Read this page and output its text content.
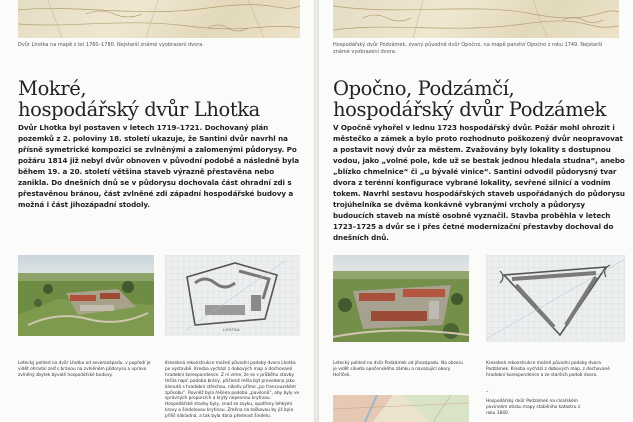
Dvůr Lhotka na mapě z let 1760–1780. Nejstarší známé vyobrazení dvora.
Mokré,
hospodářský dvůr Lhotka

Dvůr Lhotka byl postaven v letech 1719–1721. Dochovaný plán pozemků z 2. poloviny 18. století ukazuje, že Santini dvůr navrhl na přísně symetrické kompozici se zvlněnými a zalomenými půdorysy. Po požáru 1814 již nebyl dvůr obnoven v původní podobě a následně byla během 19. a 20. století většina staveb výrazně přestavěna nebo zanikla. Do dnešních dnů se v půdorysu dochovala část ohradní zdi s přestavěnou bránou, část zvlněné zdi západní hospodářské budovy a možná i část jihozápadní stodoly.

LHOTKA

Letecký pohled na dvůr Lhotka od severozápadu, v popředí je vidět ohradní zeď s bránou na zvlněném půdorysu a vpravo zvlněný zbytek bývalé hospodářské budovy.

Kresebná rekonstrukce možné původní podoby dvora Lhotka po výstavbě. Kresba vychází z dobových map a dochované hradební korespondence. Z ní víme, že se v průběhu stavby řešila např. podoba brány, přičemž měla být provedena jako klenutá s hradební střechou, nikoliv přímo „po francouzském způsobu“. Rovněž byla řešena podoba „pavilonů“, aby byly ve správných proporcích a krytý nepevnou krytinou. Hospodářské stavby byly, snad ze zvyku, opatřeny lehkými krovy a šindelovou krytinou. Změna na taškovou by již byla příliš nákladná, a tak byla dána přednost šindelu.

Hospodářský dvůr Podzámek, zvaný původně dvůr Opočno, na mapě panství Opočno z roku 1749. Nejstarší známé vyobrazení dvora.
Opočno, Podzámčí,
hospodářský dvůr Podzámek

V Opočně vyhořel v lednu 1723 hospodářský dvůr. Požár mohl ohrozit i městečko a zámek a bylo proto rozhodnuto poškozený dvůr neopravovat a postavit nový dvůr za městem. Zvažovány byly lokality s dostupnou vodou, jako „volné pole, kde už se bestak jednou hledala studna“, anebo „blízko chmelnice“ či „u bývalé vinice“. Santini odvodil půdorysný tvar dvora z terénní konfigurace vybrané lokality, sevřené silnicí a vodním tokem. Navrhl sestavu hospodářských staveb uspořádaných do půdorysu trojúhelníka se dvěma konkávně vybranými vrcholy a půdorysy budoucích staveb na místě osobně vyznačil. Stavba proběhla v letech 1723–1725 a dvůr se i přes četné modernizační přestavby dochoval do dnešních dnů.

Letecký pohled na dvůr Podzámek od jihozápadu. Na obzoru je vidět silueta opočenského zámku a navazující obory Hořiček.

Kresebná rekonstrukce možné původní podoby dvora Podzámek. Kresba vychází z dobových map, z dochované hradební korespondence a ze starších podob dvora.

–

Hospodářský dvůr Podzámek na císařském povinném otisku mapy stabilního katastru z roku 1840.
